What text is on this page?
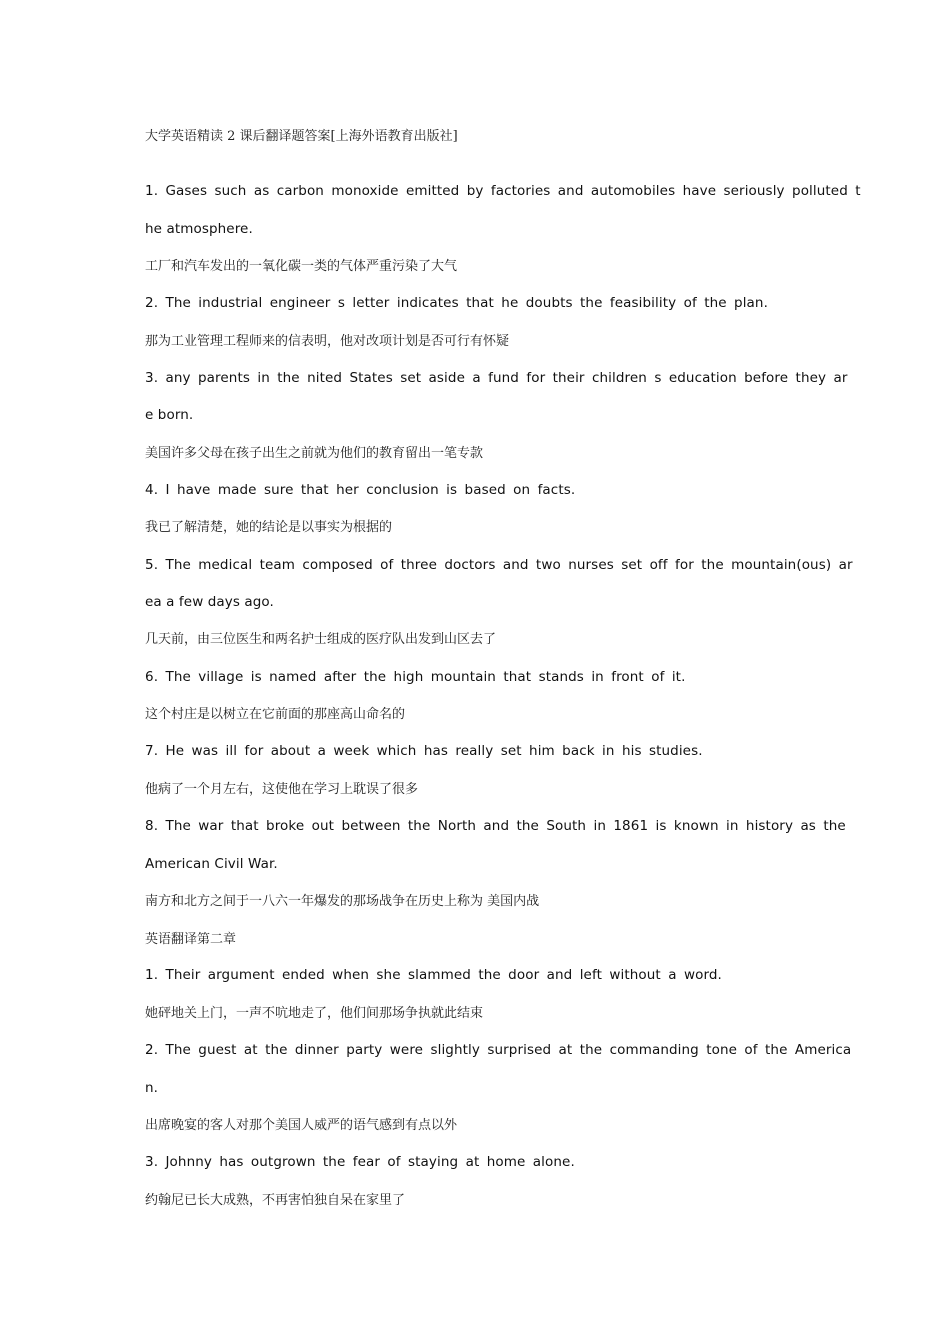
大学英语精读 2 课后翻译题答案[上海外语教育出版社]
1. Gases such as carbon monoxide emitted by factories and automobiles have seriously polluted t
he atmosphere.
工厂和汽车发出的一氧化碳一类的气体严重污染了大气
2. The industrial engineer s letter indicates that he doubts the feasibility of the plan.
那为工业管理工程师来的信表明，他对改项计划是否可行有怀疑
3. any parents in the nited States set aside a fund for their children s education before they ar
e born.
美国许多父母在孩子出生之前就为他们的教育留出一笔专款
4. I have made sure that her conclusion is based on facts.
我已了解清楚，她的结论是以事实为根据的
5. The medical team composed of three doctors and two nurses set off for the mountain(ous) ar
ea a few days ago.
几天前，由三位医生和两名护士组成的医疗队出发到山区去了
6. The village is named after the high mountain that stands in front of it.
这个村庄是以树立在它前面的那座高山命名的
7. He was ill for about a week which has really set him back in his studies.
他病了一个月左右，这使他在学习上耽误了很多
8. The war that broke out between the North and the South in 1861 is known in history as the
American Civil War.
南方和北方之间于一八六一年爆发的那场战争在历史上称为 美国内战
英语翻译第二章
1. Their argument ended when she slammed the door and left without a word.
她砰地关上门，一声不吭地走了，他们间那场争执就此结束
2. The guest at the dinner party were slightly surprised at the commanding tone of the America
n.
出席晚宴的客人对那个美国人威严的语气感到有点以外
3. Johnny has outgrown the fear of staying at home alone.
约翰尼已长大成熟，不再害怕独自呆在家里了
